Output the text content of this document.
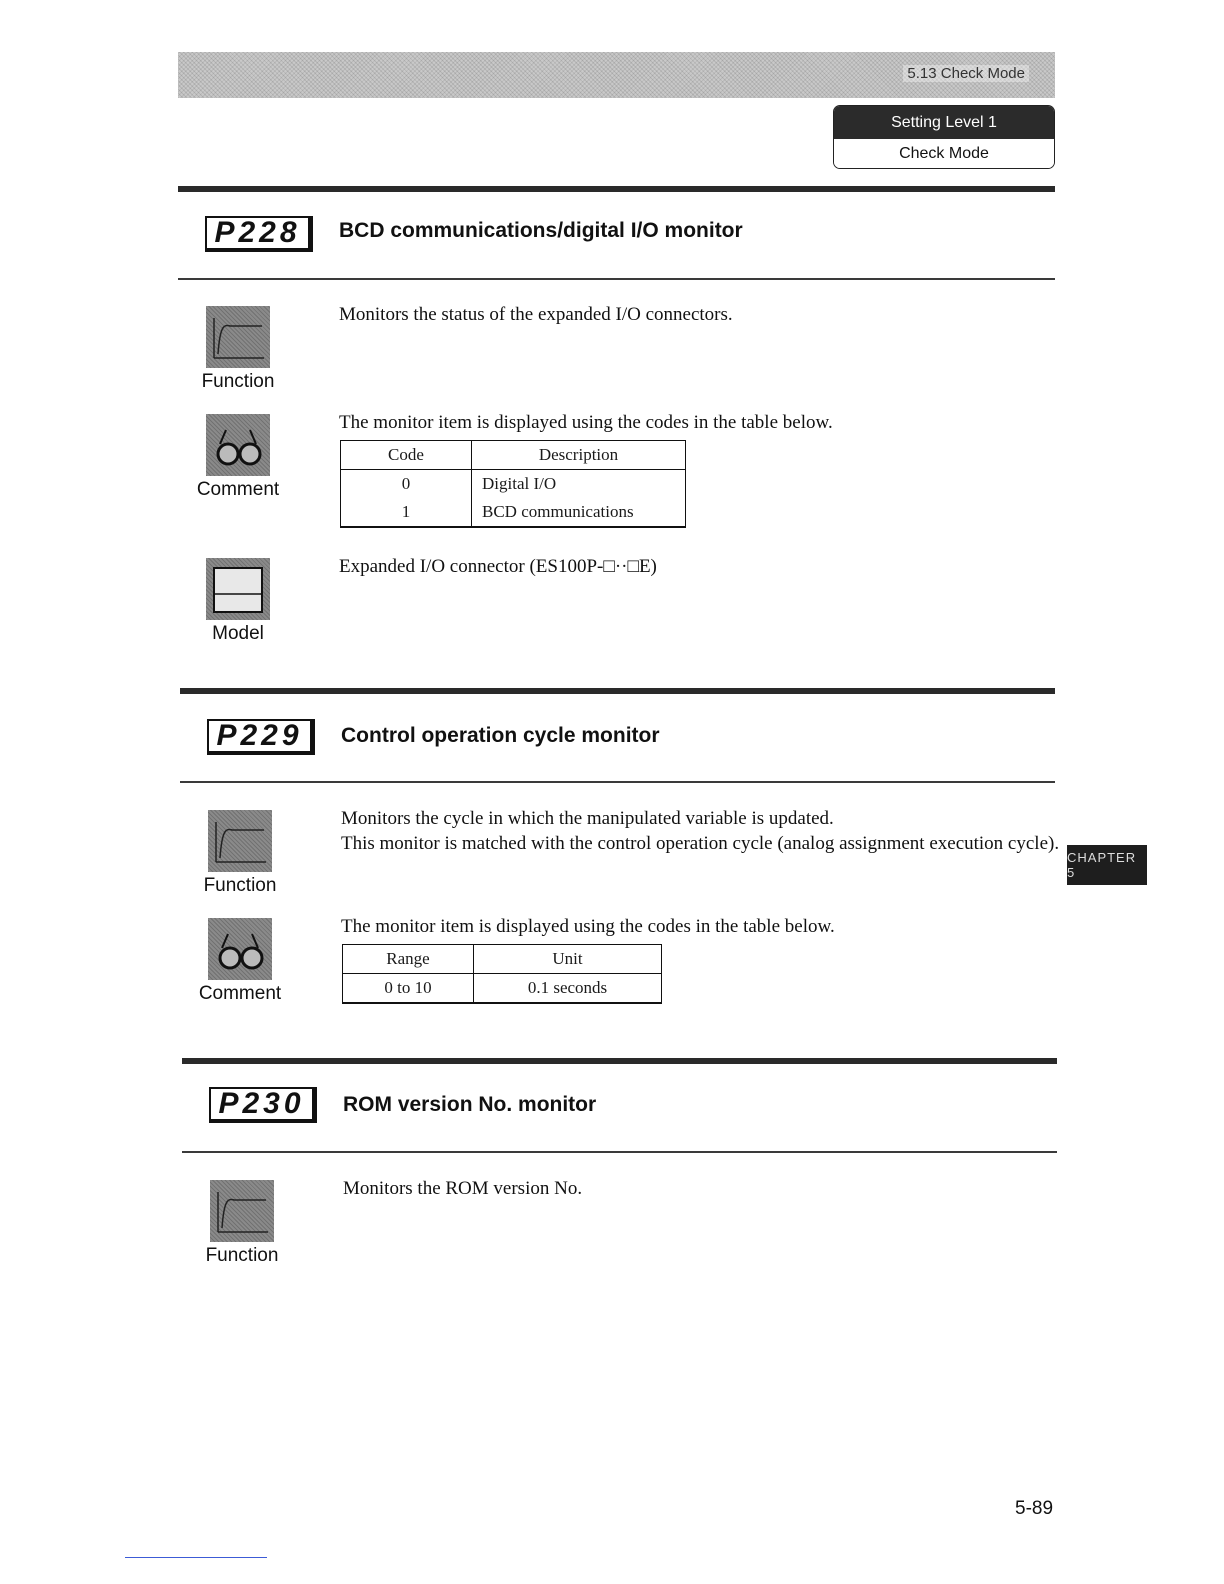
5.13 Check Mode
Setting Level 1
Check Mode
P228	BCD communications/digital I/O monitor
Function
Monitors the status of the expanded I/O connectors.
Comment
The monitor item is displayed using the codes in the table below.
Code	Description
0	Digital I/O
1	BCD communications
Model
Expanded I/O connector (ES100P-□··□E)
P229	Control operation cycle monitor
Function
Monitors the cycle in which the manipulated variable is updated.
This monitor is matched with the control operation cycle (analog assignment execution cycle).
Comment
The monitor item is displayed using the codes in the table below.
Range	Unit
0 to 10	0.1 seconds
CHAPTER 5
P230	ROM version No. monitor
Function
Monitors the ROM version No.
5-89
